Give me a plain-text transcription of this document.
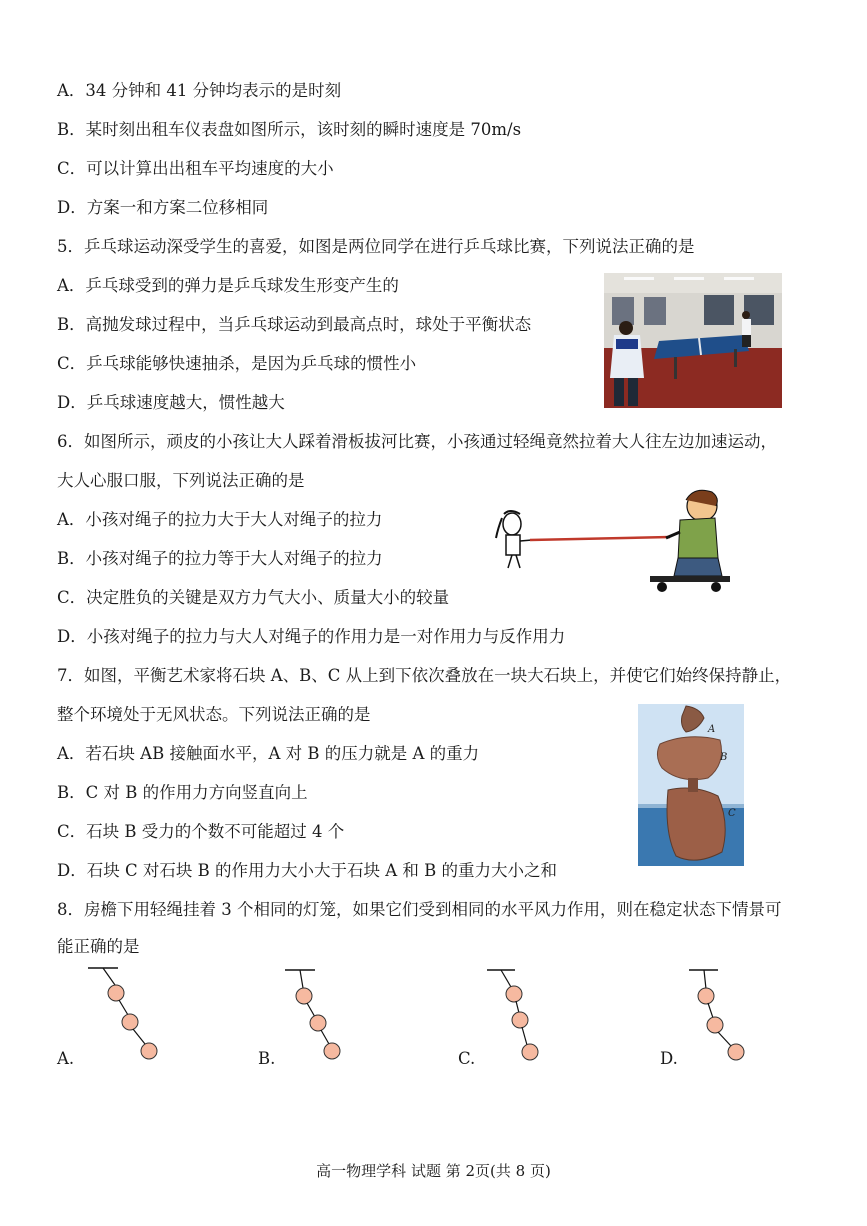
A．34 分钟和 41 分钟均表示的是时刻
B．某时刻出租车仪表盘如图所示，该时刻的瞬时速度是 70m/s
C．可以计算出出租车平均速度的大小
D．方案一和方案二位移相同
5．乒乓球运动深受学生的喜爱，如图是两位同学在进行乒乓球比赛，下列说法正确的是
A．乒乓球受到的弹力是乒乓球发生形变产生的
B．高抛发球过程中，当乒乓球运动到最高点时，球处于平衡状态
C．乒乓球能够快速抽杀，是因为乒乓球的惯性小
D．乒乓球速度越大，惯性越大
6．如图所示，顽皮的小孩让大人踩着滑板拔河比赛，小孩通过轻绳竟然拉着大人往左边加速运动，
大人心服口服，下列说法正确的是
A．小孩对绳子的拉力大于大人对绳子的拉力
B．小孩对绳子的拉力等于大人对绳子的拉力
C．决定胜负的关键是双方力气大小、质量大小的较量
D．小孩对绳子的拉力与大人对绳子的作用力是一对作用力与反作用力
7．如图，平衡艺术家将石块 A、B、C 从上到下依次叠放在一块大石块上，并使它们始终保持静止，
整个环境处于无风状态。下列说法正确的是
A．若石块 AB 接触面水平，A 对 B 的压力就是 A 的重力
B．C 对 B 的作用力方向竖直向上
C．石块 B 受力的个数不可能超过 4 个
D．石块 C 对石块 B 的作用力大小大于石块 A 和 B 的重力大小之和
A
B
C
8．房檐下用轻绳挂着 3 个相同的灯笼，如果它们受到相同的水平风力作用，则在稳定状态下情景可
能正确的是
A.	B.	C.	D.
高一物理学科 试题 第 2页(共 8 页)
